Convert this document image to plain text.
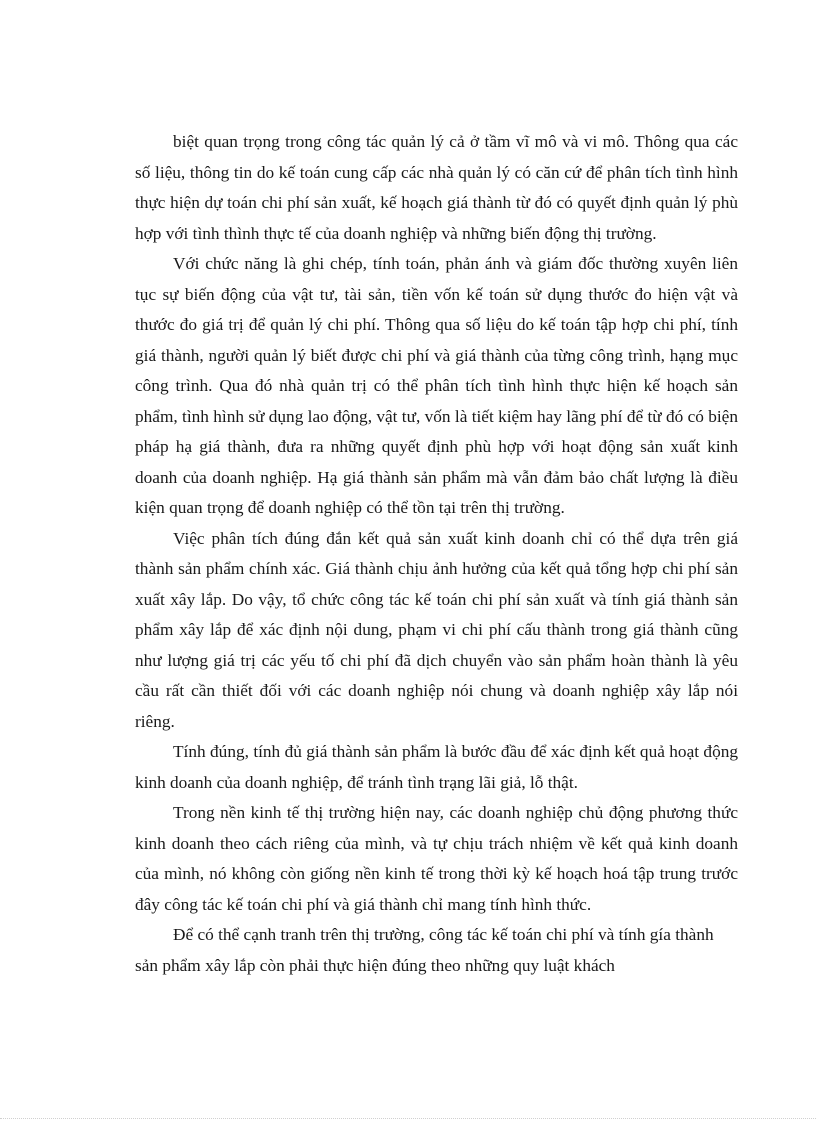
biệt quan trọng trong công tác quản lý cả ở tầm vĩ mô và vi mô. Thông qua các số liệu, thông tin do kế toán cung cấp các nhà quản lý có căn cứ để phân tích tình hình thực hiện dự toán chi phí sản xuất, kế hoạch giá thành từ đó có quyết định quản lý phù hợp với tình thình thực tế của doanh nghiệp và những biến động thị trường.

Với chức năng là ghi chép, tính toán, phản ánh và giám đốc thường xuyên liên tục sự biến động của vật tư, tài sản, tiền vốn kế toán sử dụng thước đo hiện vật và thước đo giá trị để quản lý chi phí. Thông qua số liệu do kế toán tập hợp chi phí, tính giá thành, người quản lý biết được chi phí và giá thành của từng công trình, hạng mục công trình. Qua đó nhà quản trị có thể phân tích tình hình thực hiện kế hoạch sản phẩm, tình hình sử dụng lao động, vật tư, vốn là tiết kiệm hay lãng phí để từ đó có biện pháp hạ giá thành, đưa ra những quyết định phù hợp với hoạt động sản xuất kinh doanh của doanh nghiệp. Hạ giá thành sản phẩm mà vẫn đảm bảo chất lượng là điều kiện quan trọng để doanh nghiệp có thể tồn tại trên thị trường.

Việc phân tích đúng đắn kết quả sản xuất kinh doanh chỉ có thể dựa trên giá thành sản phẩm chính xác. Giá thành chịu ảnh hưởng của kết quả tổng hợp chi phí sản xuất xây lắp. Do vậy, tổ chức công tác kế toán chi phí sản xuất và tính giá thành sản phẩm xây lắp để xác định nội dung, phạm vi chi phí cấu thành trong giá thành cũng như lượng giá trị các yếu tố chi phí đã dịch chuyển vào sản phẩm hoàn thành là yêu cầu rất cần thiết đối với các doanh nghiệp nói chung và doanh nghiệp xây lắp nói riêng.

Tính đúng, tính đủ giá thành sản phẩm là bước đầu để xác định kết quả hoạt động kinh doanh của doanh nghiệp, để tránh tình trạng lãi giả, lỗ thật.

Trong nền kinh tế thị trường hiện nay, các doanh nghiệp chủ động phương thức kinh doanh theo cách riêng của mình, và tự chịu trách nhiệm về kết quả kinh doanh của mình, nó không còn giống nền kinh tế trong thời kỳ kế hoạch hoá tập trung trước đây công tác kế toán chi phí và giá thành chỉ mang tính hình thức.

Để có thể cạnh tranh trên thị trường, công tác kế toán chi phí và tính gía thành sản phẩm xây lắp còn phải thực hiện đúng theo những quy luật khách
